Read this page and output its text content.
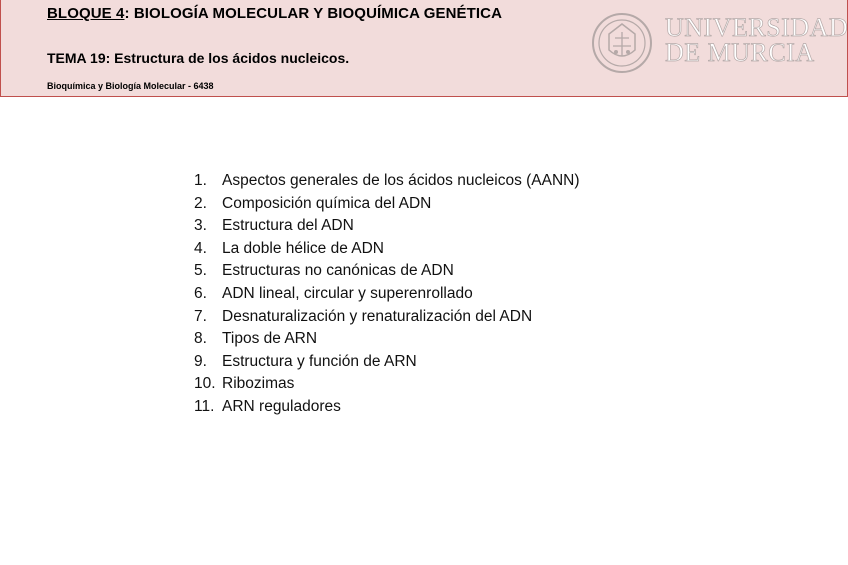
BLOQUE 4: BIOLOGÍA MOLECULAR Y BIOQUÍMICA GENÉTICA
TEMA 19: Estructura de los ácidos nucleicos.
Bioquímica y Biología Molecular - 6438
UNIVERSIDAD
DE MURCIA
1. Aspectos generales de los ácidos nucleicos (AANN)
2. Composición química del ADN
3. Estructura del ADN
4. La doble hélice de ADN
5. Estructuras no canónicas de ADN
6. ADN lineal, circular y superenrollado
7. Desnaturalización y renaturalización del ADN
8. Tipos de ARN
9. Estructura y función de ARN
10. Ribozimas
11. ARN reguladores
